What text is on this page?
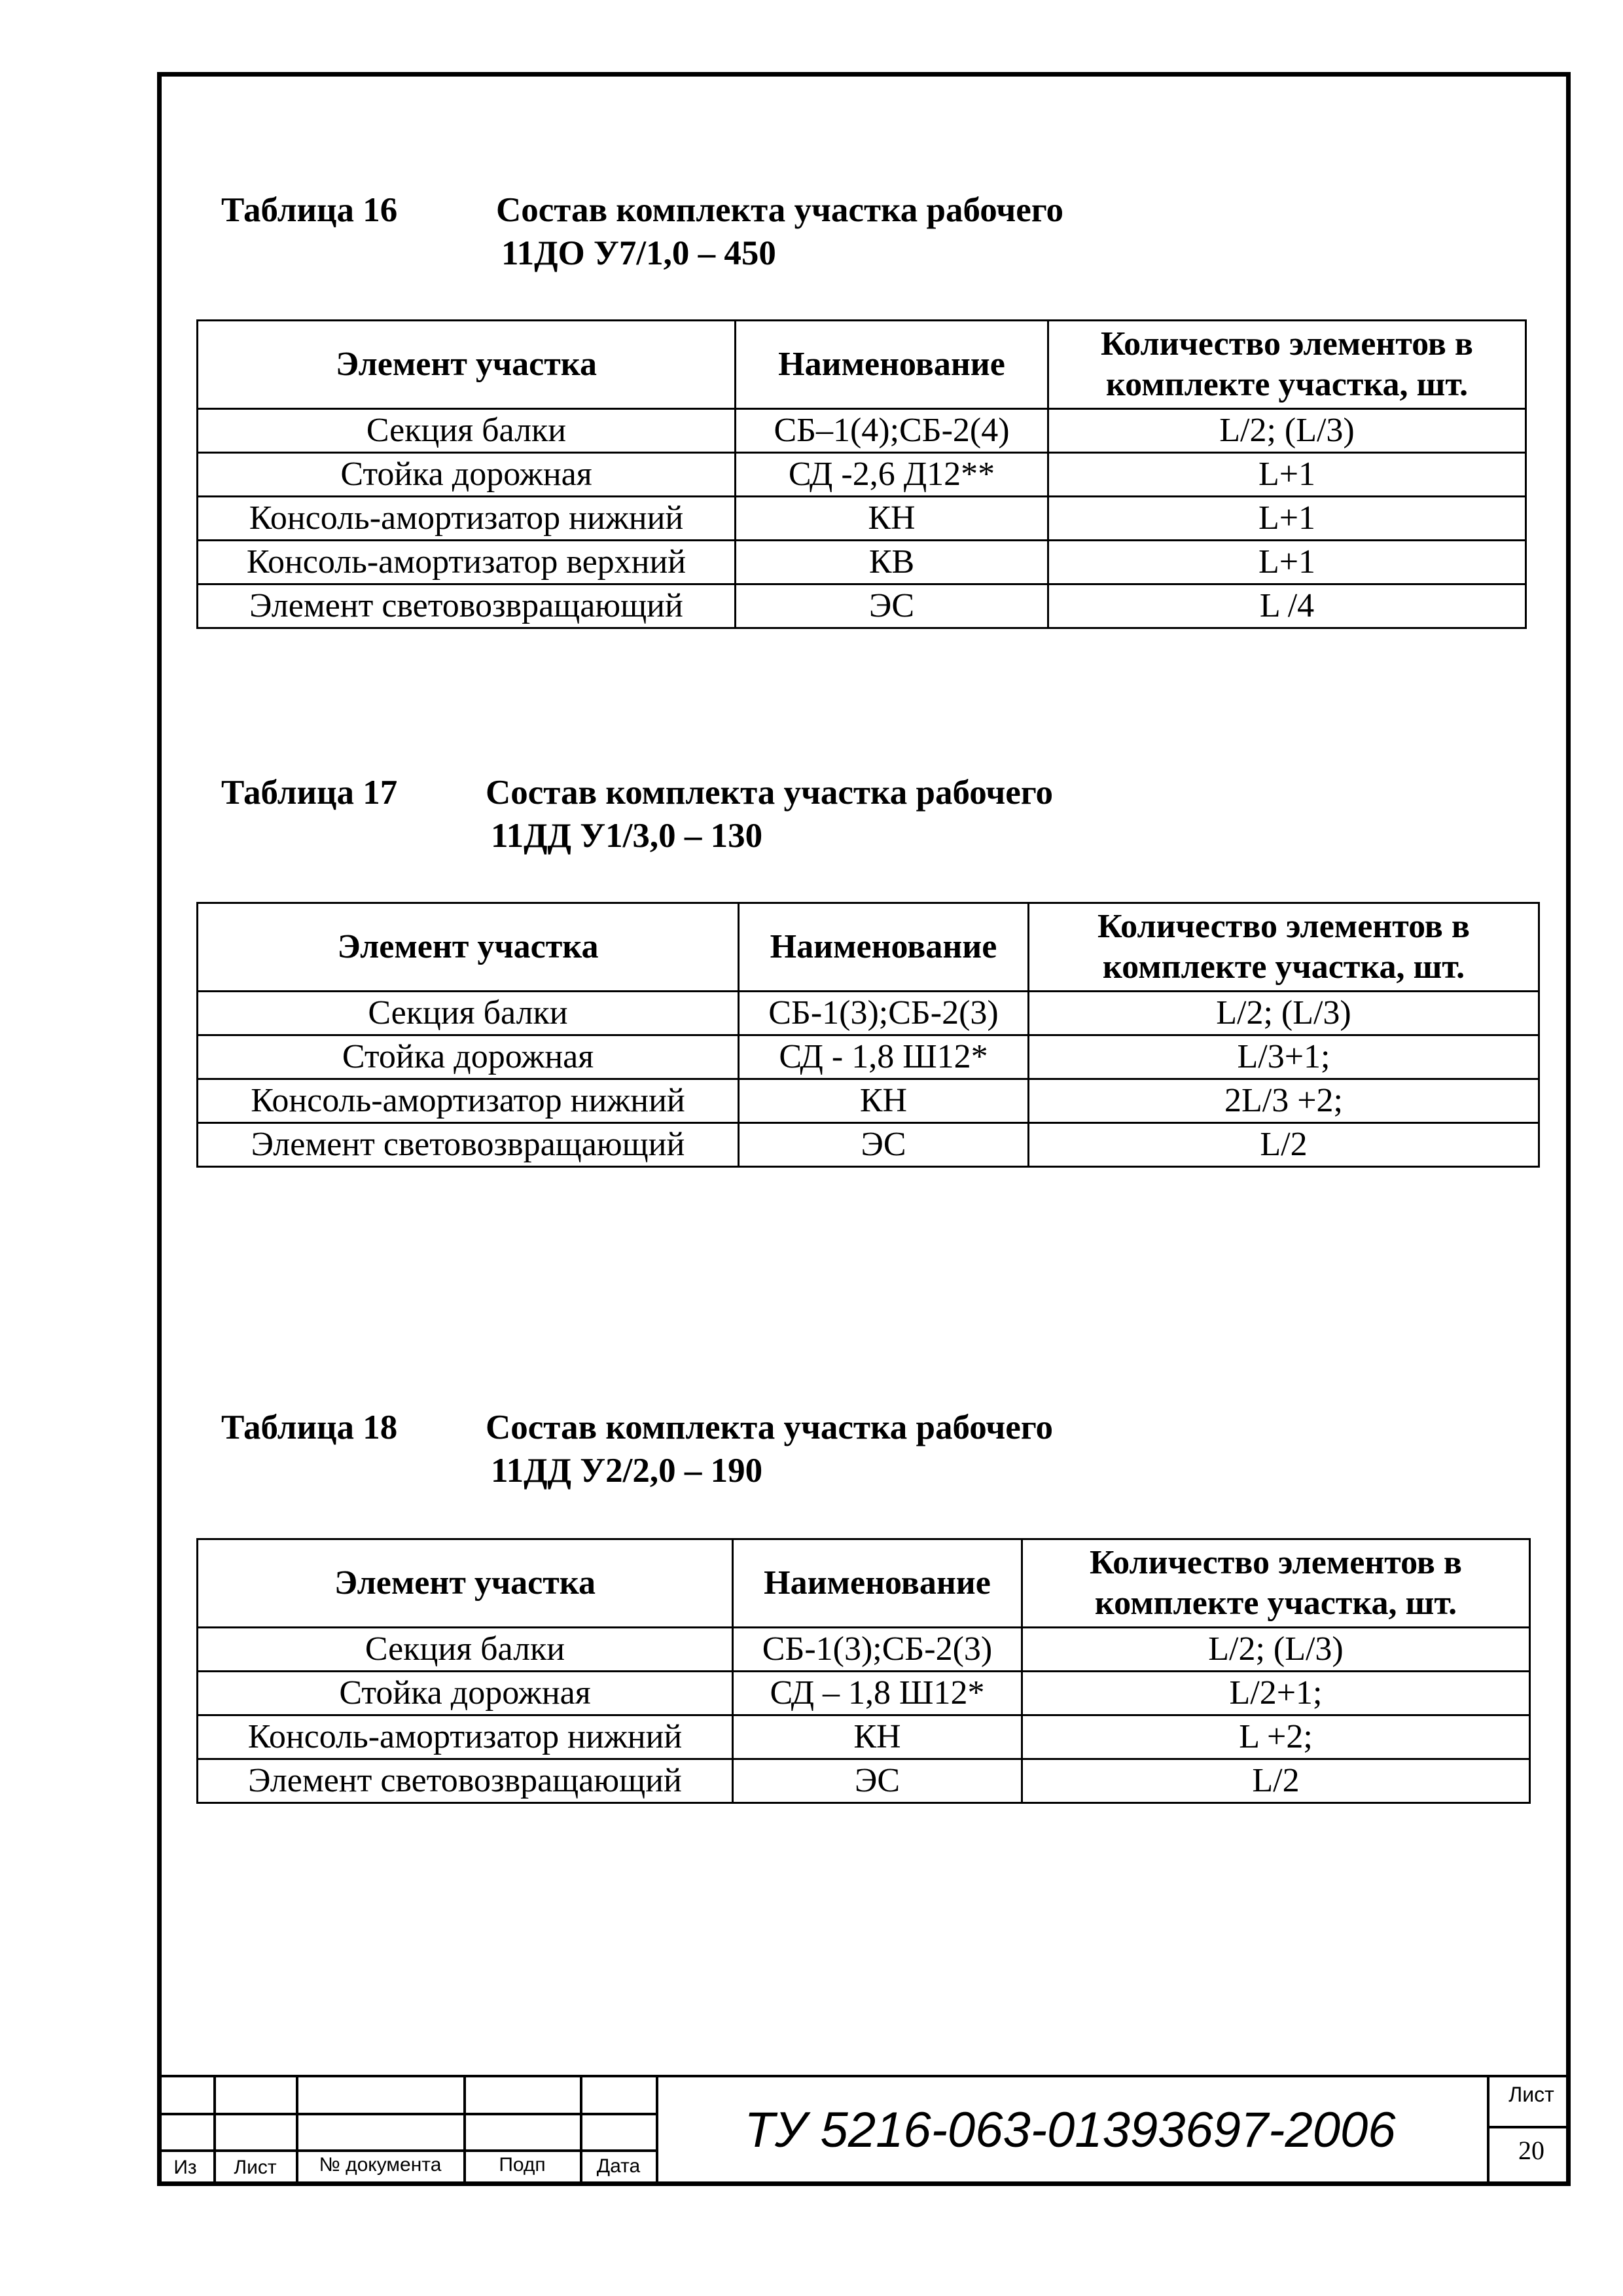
Таблица 16	Состав комплекта участка рабочего
11ДО У7/1,0 – 450
Элемент участка	Наименование	Количество элементов в
комплекте участка, шт.
Секция балки	СБ–1(4);СБ-2(4)	L/2; (L/3)
Стойка дорожная	СД -2,6 Д12**	L+1
Консоль-амортизатор нижний	КН	L+1
Консоль-амортизатор верхний	КВ	L+1
Элемент световозвращающий	ЭС	L /4
Таблица 17	Состав комплекта участка рабочего
11ДД У1/3,0 – 130
Элемент участка	Наименование	Количество элементов в
комплекте участка, шт.
Секция балки	СБ-1(3);СБ-2(3)	L/2; (L/3)
Стойка дорожная	СД - 1,8 Ш12*	L/3+1;
Консоль-амортизатор нижний	КН	2L/3 +2;
Элемент световозвращающий	ЭС	L/2
Таблица 18	Состав комплекта участка рабочего
11ДД У2/2,0 – 190
Элемент участка	Наименование	Количество элементов в
комплекте участка, шт.
Секция балки	СБ-1(3);СБ-2(3)	L/2; (L/3)
Стойка дорожная	СД – 1,8 Ш12*	L/2+1;
Консоль-амортизатор нижний	КН	L +2;
Элемент световозвращающий	ЭС	L/2
Из	Лист	№ документа	Подп	Дата
ТУ 5216-063-01393697-2006
Лист
20
